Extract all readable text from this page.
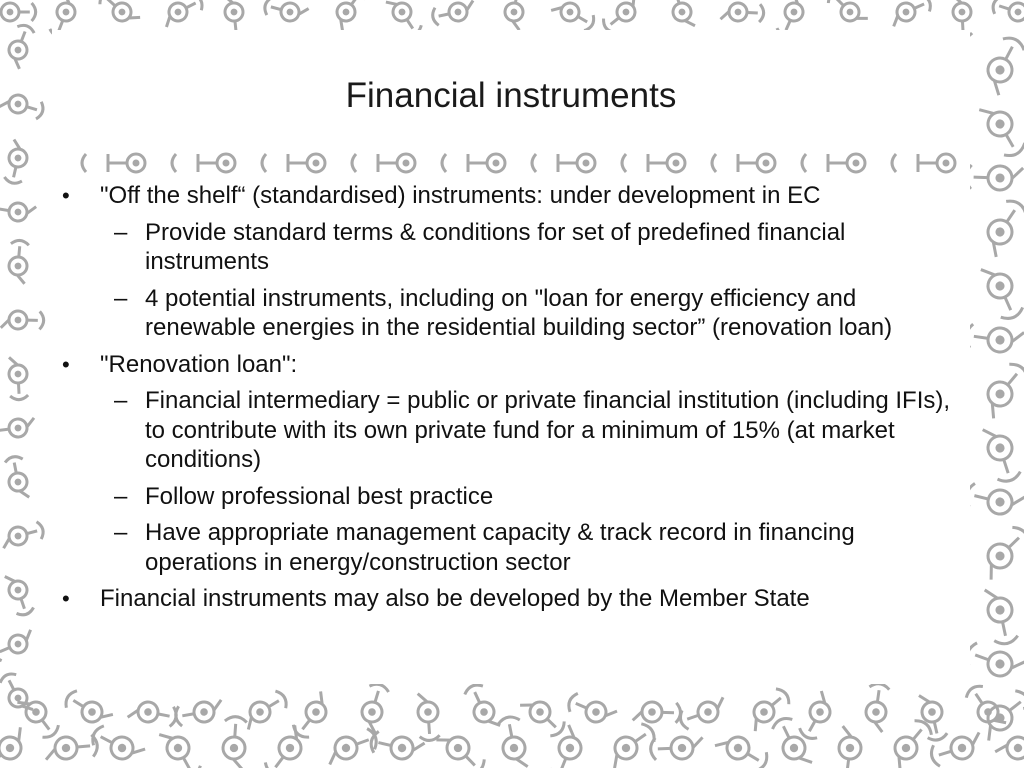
Financial instruments
• "Off the shelf“ (standardised) instruments: under development in EC
– Provide standard terms & conditions for set of predefined financial instruments
– 4 potential instruments, including on "loan for energy efficiency and renewable energies in the residential building sector” (renovation loan)
• "Renovation loan":
– Financial intermediary = public or private financial institution (including IFIs), to contribute with its own private fund for a minimum of 15% (at market conditions)
– Follow professional best practice
– Have appropriate management capacity & track record in financing operations in energy/construction sector
• Financial instruments may also be developed by the Member State
